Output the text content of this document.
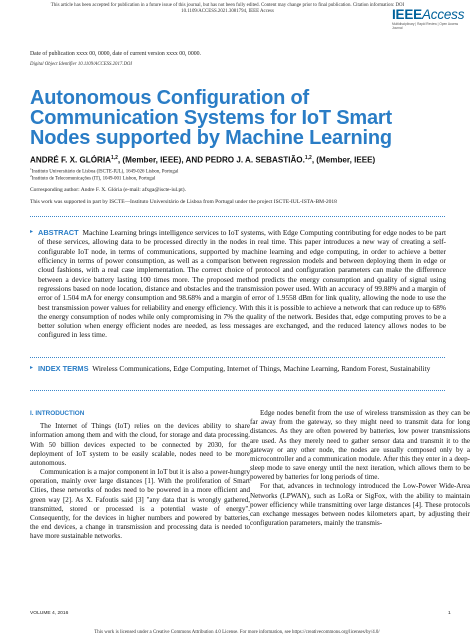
This article has been accepted for publication in a future issue of this journal, but has not been fully edited. Content may change prior to final publication. Citation information: DOI
10.1109/ACCESS.2021.3081794, IEEE Access	IEEEAccess
Multidisciplinary | Rapid Review | Open Access Journal
Date of publication xxxx 00, 0000, date of current version xxxx 00, 0000.
Digital Object Identifier 10.1109/ACCESS.2017.DOI
Autonomous Configuration of Communication Systems for IoT Smart Nodes supported by Machine Learning
ANDRÉ F. X. GLÓRIA$^{1,2}$, (Member, IEEE), AND PEDRO J. A. SEBASTIÃO.$^{1,2}$, (Member, IEEE)
$^1$Instituto Universitário de Lisboa (ISCTE-IUL), 1649-026 Lisbon, Portugal
$^2$Instituto de Telecomunicações (IT), 1049-001 Lisbon, Portugal
Corresponding author: Andre F. X. Glória (e-mail: afxga@iscte-iul.pt).
This work was supported in part by ISCTE—Instituto Universitário de Lisboa from Portugal under the project ISCTE-IUL-ISTA-BM-2018
▸ ABSTRACT Machine Learning brings intelligence services to IoT systems, with Edge Computing contributing for edge nodes to be part of these services, allowing data to be processed directly in the nodes in real time. This paper introduces a new way of creating a self-configurable IoT node, in terms of communications, supported by machine learning and edge computing, in order to achieve a better efficiency in terms of power consumption, as well as a comparison between regression models and between deploying them in edge or cloud fashions, with a real case implementation. The correct choice of protocol and configuration parameters can make the difference between a device battery lasting 100 times more. The proposed method predicts the energy consumption and quality of signal using regressions based on node location, distance and obstacles and the transmission power used. With an accuracy of 99.88% and a margin of error of 1.504 mA for energy consumption and 98.68% and a margin of error of 1.9558 dBm for link quality, allowing the node to use the best transmission power values for reliability and energy efficiency. With this it is possible to achieve a network that can reduce up to 68% the energy consumption of nodes while only compromising in 7% the quality of the network. Besides that, edge computing proves to be a better solution when energy efficient nodes are needed, as less messages are exchanged, and the reduced latency allows nodes to be configured in less time.
▸ INDEX TERMS Wireless Communications, Edge Computing, Internet of Things, Machine Learning, Random Forest, Sustainability
I. INTRODUCTION

The Internet of Things (IoT) relies on the devices ability to share information among them and with the cloud, for storage and data processing. With 50 billion devices expected to be connected by 2030, for the deployment of IoT system to be easily scalable, nodes need to be more autonomous.

Communication is a major component in IoT but it is also a power-hungry operation, mainly over large distances [1]. With the proliferation of Smart Cities, these networks of nodes need to be powered in a more efficient and green way [2]. As X. Fafoutis said [3] "any data that is wrongly gathered, transmitted, stored or processed is a potential waste of energy". Consequently, for the devices in higher numbers and powered by batteries, the end devices, a change in transmission and processing data is needed to have more sustainable networks.

Edge nodes benefit from the use of wireless transmission as they can be far away from the gateway, so they might need to transmit data for long distances. As they are often powered by batteries, low power transmissions are used. As they merely need to gather sensor data and transmit it to the gateway or any other node, the nodes are usually composed only by a microcontroller and a communication module. After this they enter in a deep-sleep mode to save energy until the next iteration, which allows them to be powered by batteries for long periods of time.

For that, advances in technology introduced the Low-Power Wide-Area Networks (LPWAN), such as LoRa or SigFox, with the ability to maintain power efficiency while transmitting over large distances [4]. These protocols can exchange messages between nodes kilometers apart, by adjusting their configuration parameters, mainly the transmis-

VOLUME 4, 2016	1
This work is licensed under a Creative Commons Attribution 4.0 License. For more information, see https://creativecommons.org/licenses/by/4.0/
